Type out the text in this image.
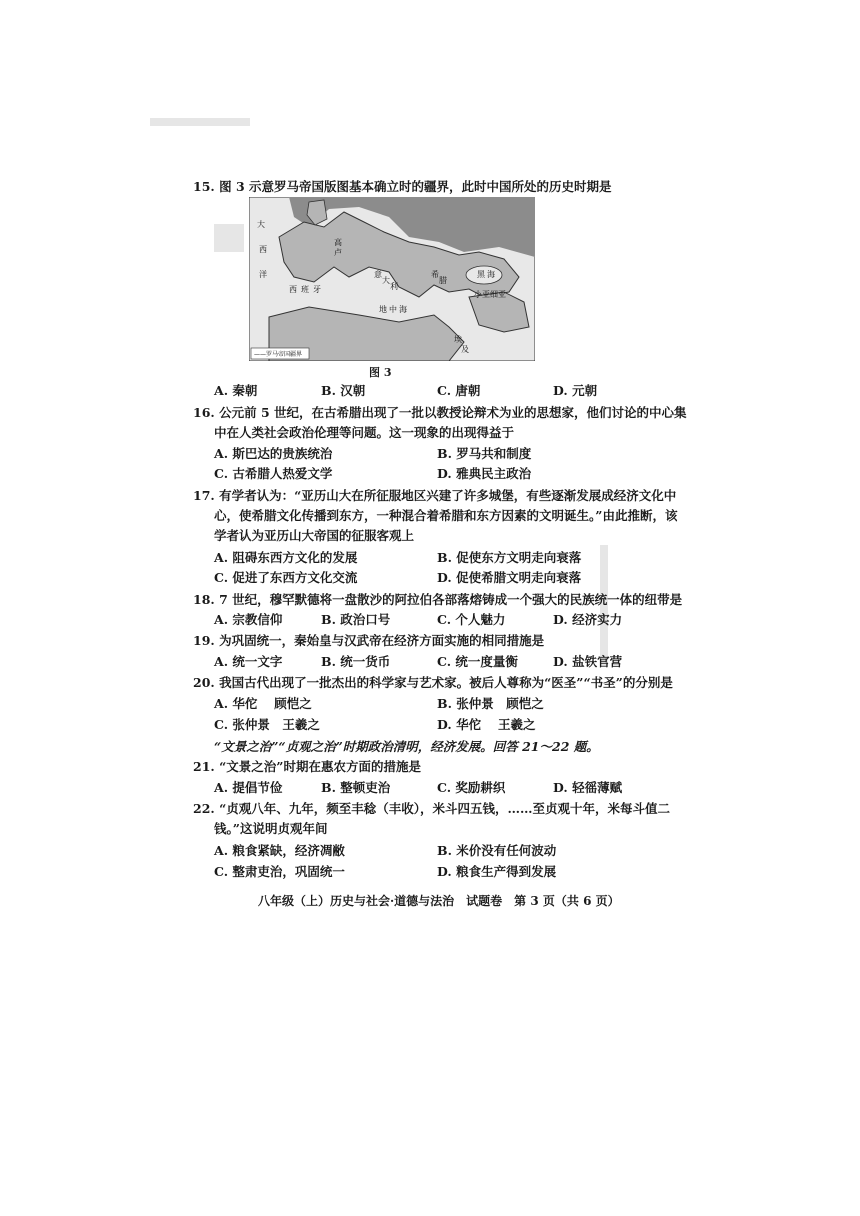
15. 图 3 示意罗马帝国版图基本确立时的疆界，此时中国所处的历史时期是
大
西
洋
西 班 牙
高
卢
意
大
利
希
腊
地 中 海
小亚细亚
黑 海
埃
及
——罗马帝国疆界
图 3
A. 秦朝	B. 汉朝	C. 唐朝	D. 元朝
16. 公元前 5 世纪，在古希腊出现了一批以教授论辩术为业的思想家，他们讨论的中心集
中在人类社会政治伦理等问题。这一现象的出现得益于
A. 斯巴达的贵族统治	B. 罗马共和制度
C. 古希腊人热爱文学	D. 雅典民主政治
17. 有学者认为：“亚历山大在所征服地区兴建了许多城堡，有些逐渐发展成经济文化中
心，使希腊文化传播到东方，一种混合着希腊和东方因素的文明诞生。”由此推断，该
学者认为亚历山大帝国的征服客观上
A. 阻碍东西方文化的发展	B. 促使东方文明走向衰落
C. 促进了东西方文化交流	D. 促使希腊文明走向衰落
18. 7 世纪，穆罕默德将一盘散沙的阿拉伯各部落熔铸成一个强大的民族统一体的纽带是
A. 宗教信仰	B. 政治口号	C. 个人魅力	D. 经济实力
19. 为巩固统一，秦始皇与汉武帝在经济方面实施的相同措施是
A. 统一文字	B. 统一货币	C. 统一度量衡	D. 盐铁官营
20. 我国古代出现了一批杰出的科学家与艺术家。被后人尊称为“医圣”“书圣”的分别是
A. 华佗　 顾恺之	B. 张仲景　顾恺之
C. 张仲景　王羲之	D. 华佗　 王羲之
“文景之治”“贞观之治”时期政治清明，经济发展。回答 21～22 题。
21. “文景之治”时期在惠农方面的措施是
A. 提倡节俭	B. 整顿吏治	C. 奖励耕织	D. 轻徭薄赋
22. “贞观八年、九年，频至丰稔（丰收），米斗四五钱，……至贞观十年，米每斗值二
钱。”这说明贞观年间
A. 粮食紧缺，经济凋敝	B. 米价没有任何波动
C. 整肃吏治，巩固统一	D. 粮食生产得到发展
八年级（上）历史与社会·道德与法治　试题卷　第 3 页（共 6 页）
